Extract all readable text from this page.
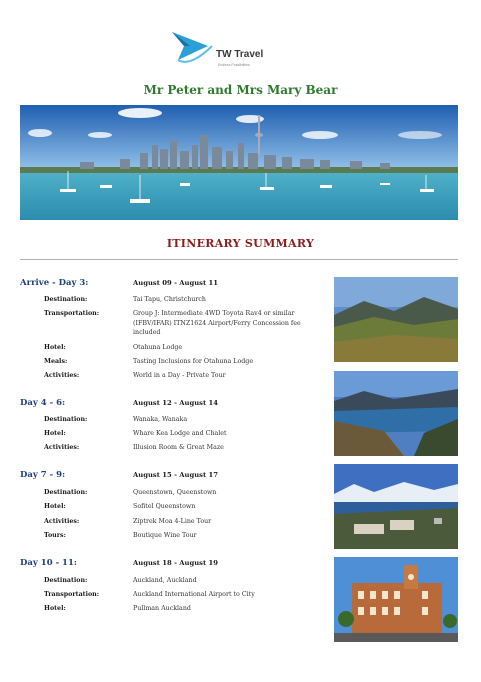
TW Travel
Endless Possibilities
Mr Peter and Mrs Mary Bear
ITINERARY SUMMARY
Arrive - Day 3:	August 09 - August 11
Destination:	Tai Tapu, Christchurch
Transportation:	Group J: Intermediate 4WD Toyota Rav4 or similar (IFBV/IFAR) ITNZ1624 Airport/Ferry Concession fee included
Hotel:	Otahuna Lodge
Meals:	Tasting Inclusions for Otahuna Lodge
Activities:	World in a Day - Private Tour
Day 4 - 6:	August 12 - August 14
Destination:	Wanaka, Wanaka
Hotel:	Whare Kea Lodge and Chalet
Activities:	Illusion Room & Great Maze
Day 7 - 9:	August 15 - August 17
Destination:	Queenstown, Queenstown
Hotel:	Sofitel Queenstown
Activities:	Ziptrek Moa 4-Line Tour
Tours:	Boutique Wine Tour
Day 10 - 11:	August 18 - August 19
Destination:	Auckland, Auckland
Transportation:	Auckland International Airport to City
Hotel:	Pullman Auckland
